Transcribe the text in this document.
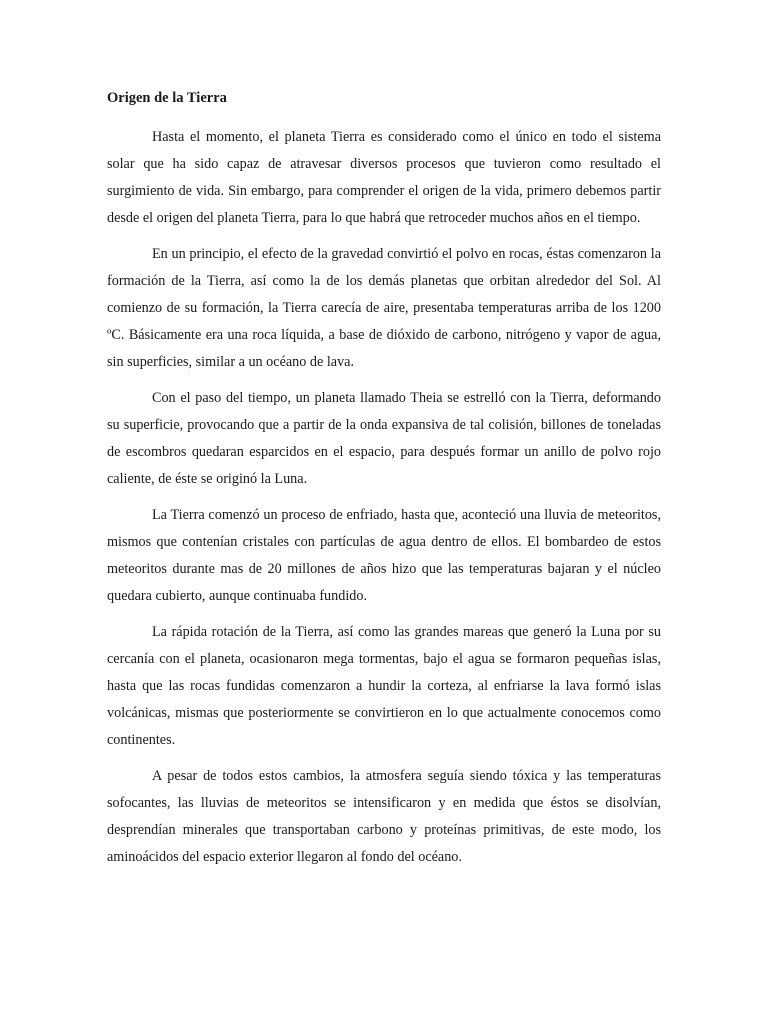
Origen de la Tierra

Hasta el momento, el planeta Tierra es considerado como el único en todo el sistema solar que ha sido capaz de atravesar diversos procesos que tuvieron como resultado el surgimiento de vida. Sin embargo, para comprender el origen de la vida, primero debemos partir desde el origen del planeta Tierra, para lo que habrá que retroceder muchos años en el tiempo.

En un principio, el efecto de la gravedad convirtió el polvo en rocas, éstas comenzaron la formación de la Tierra, así como la de los demás planetas que orbitan alrededor del Sol. Al comienzo de su formación, la Tierra carecía de aire, presentaba temperaturas arriba de los 1200 ºC. Básicamente era una roca líquida, a base de dióxido de carbono, nitrógeno y vapor de agua, sin superficies, similar a un océano de lava.

Con el paso del tiempo, un planeta llamado Theia se estrelló con la Tierra, deformando su superficie, provocando que a partir de la onda expansiva de tal colisión, billones de toneladas de escombros quedaran esparcidos en el espacio, para después formar un anillo de polvo rojo caliente, de éste se originó la Luna.

La Tierra comenzó un proceso de enfriado, hasta que, aconteció una lluvia de meteoritos, mismos que contenían cristales con partículas de agua dentro de ellos. El bombardeo de estos meteoritos durante mas de 20 millones de años hizo que las temperaturas bajaran y el núcleo quedara cubierto, aunque continuaba fundido.

La rápida rotación de la Tierra, así como las grandes mareas que generó la Luna por su cercanía con el planeta, ocasionaron mega tormentas, bajo el agua se formaron pequeñas islas, hasta que las rocas fundidas comenzaron a hundir la corteza, al enfriarse la lava formó islas volcánicas, mismas que posteriormente se convirtieron en lo que actualmente conocemos como continentes.

A pesar de todos estos cambios, la atmosfera seguía siendo tóxica y las temperaturas sofocantes, las lluvias de meteoritos se intensificaron y en medida que éstos se disolvían, desprendían minerales que transportaban carbono y proteínas primitivas, de este modo, los aminoácidos del espacio exterior llegaron al fondo del océano.
